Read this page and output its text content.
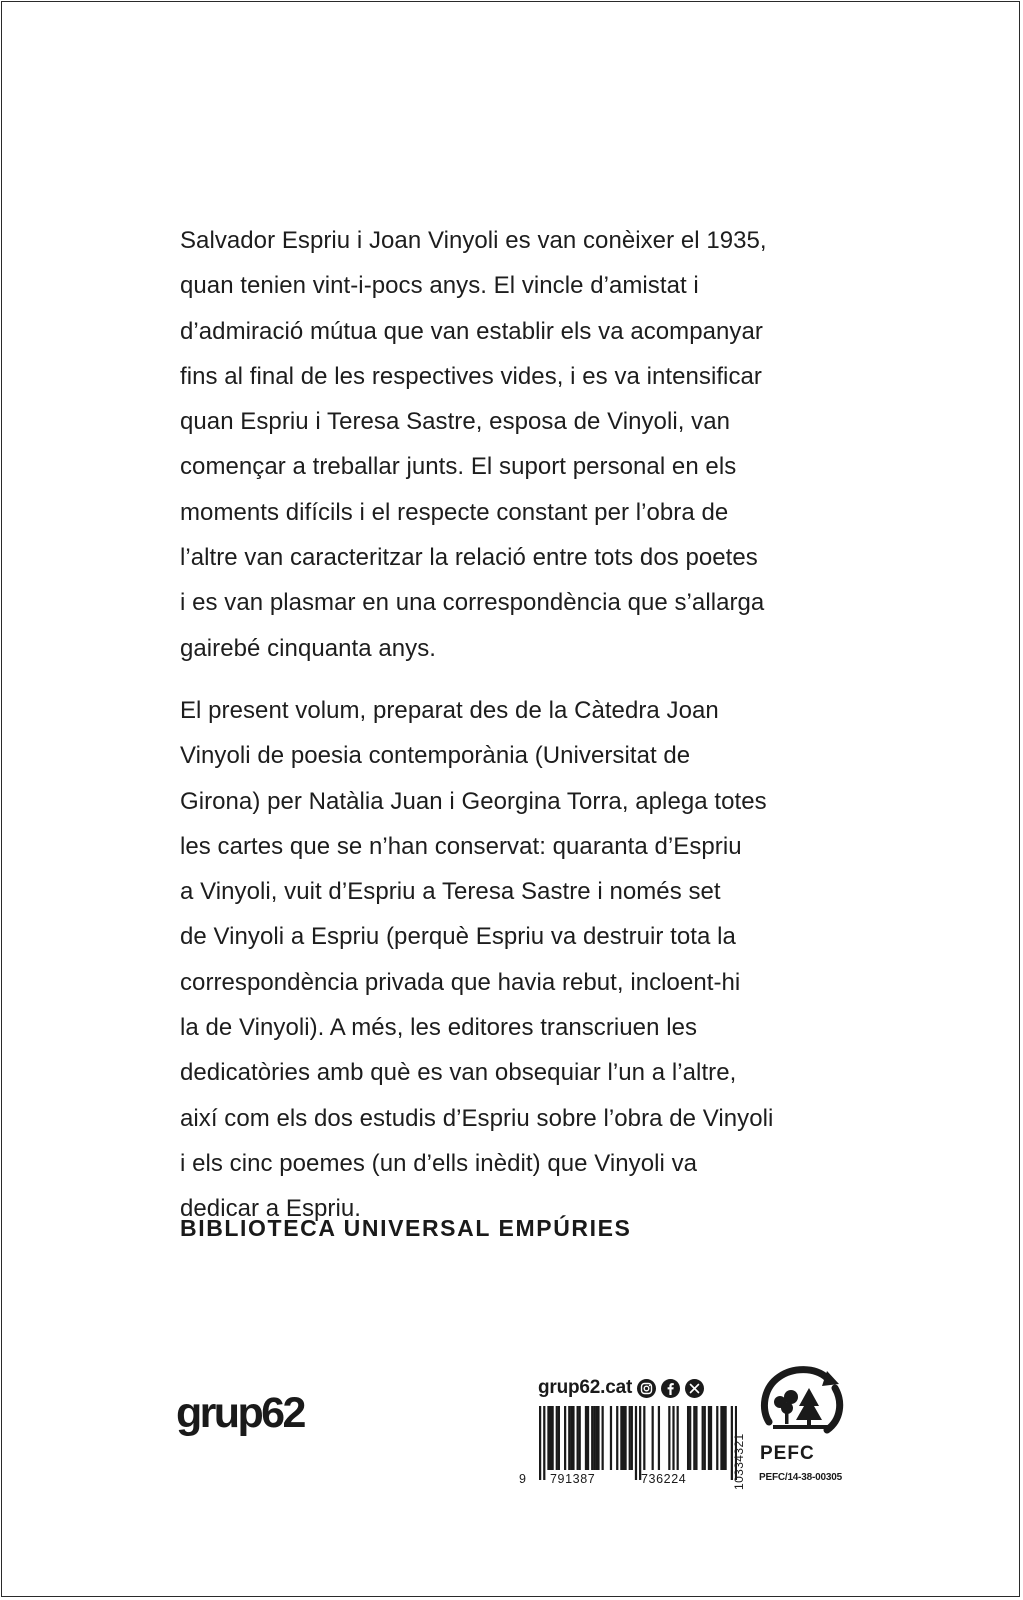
Salvador Espriu i Joan Vinyoli es van conèixer el 1935,
quan tenien vint-i-pocs anys. El vincle d’amistat i
d’admiració mútua que van establir els va acompanyar
fins al final de les respectives vides, i es va intensificar
quan Espriu i Teresa Sastre, esposa de Vinyoli, van
començar a treballar junts. El suport personal en els
moments difícils i el respecte constant per l’obra de
l’altre van caracteritzar la relació entre tots dos poetes
i es van plasmar en una correspondència que s’allarga
gairebé cinquanta anys.

El present volum, preparat des de la Càtedra Joan
Vinyoli de poesia contemporània (Universitat de
Girona) per Natàlia Juan i Georgina Torra, aplega totes
les cartes que se n’han conservat: quaranta d’Espriu
a Vinyoli, vuit d’Espriu a Teresa Sastre i només set
de Vinyoli a Espriu (perquè Espriu va destruir tota la
correspondència privada que havia rebut, incloent-hi
la de Vinyoli). A més, les editores transcriuen les
dedicatòries amb què es van obsequiar l’un a l’altre,
així com els dos estudis d’Espriu sobre l’obra de Vinyoli
i els cinc poemes (un d’ells inèdit) que Vinyoli va
dedicar a Espriu.

BIBLIOTECA UNIVERSAL EMPÚRIES
grup62
grup62.cat
9 791387	736224	10334321 PEFC
PEFC/14-38-00305
